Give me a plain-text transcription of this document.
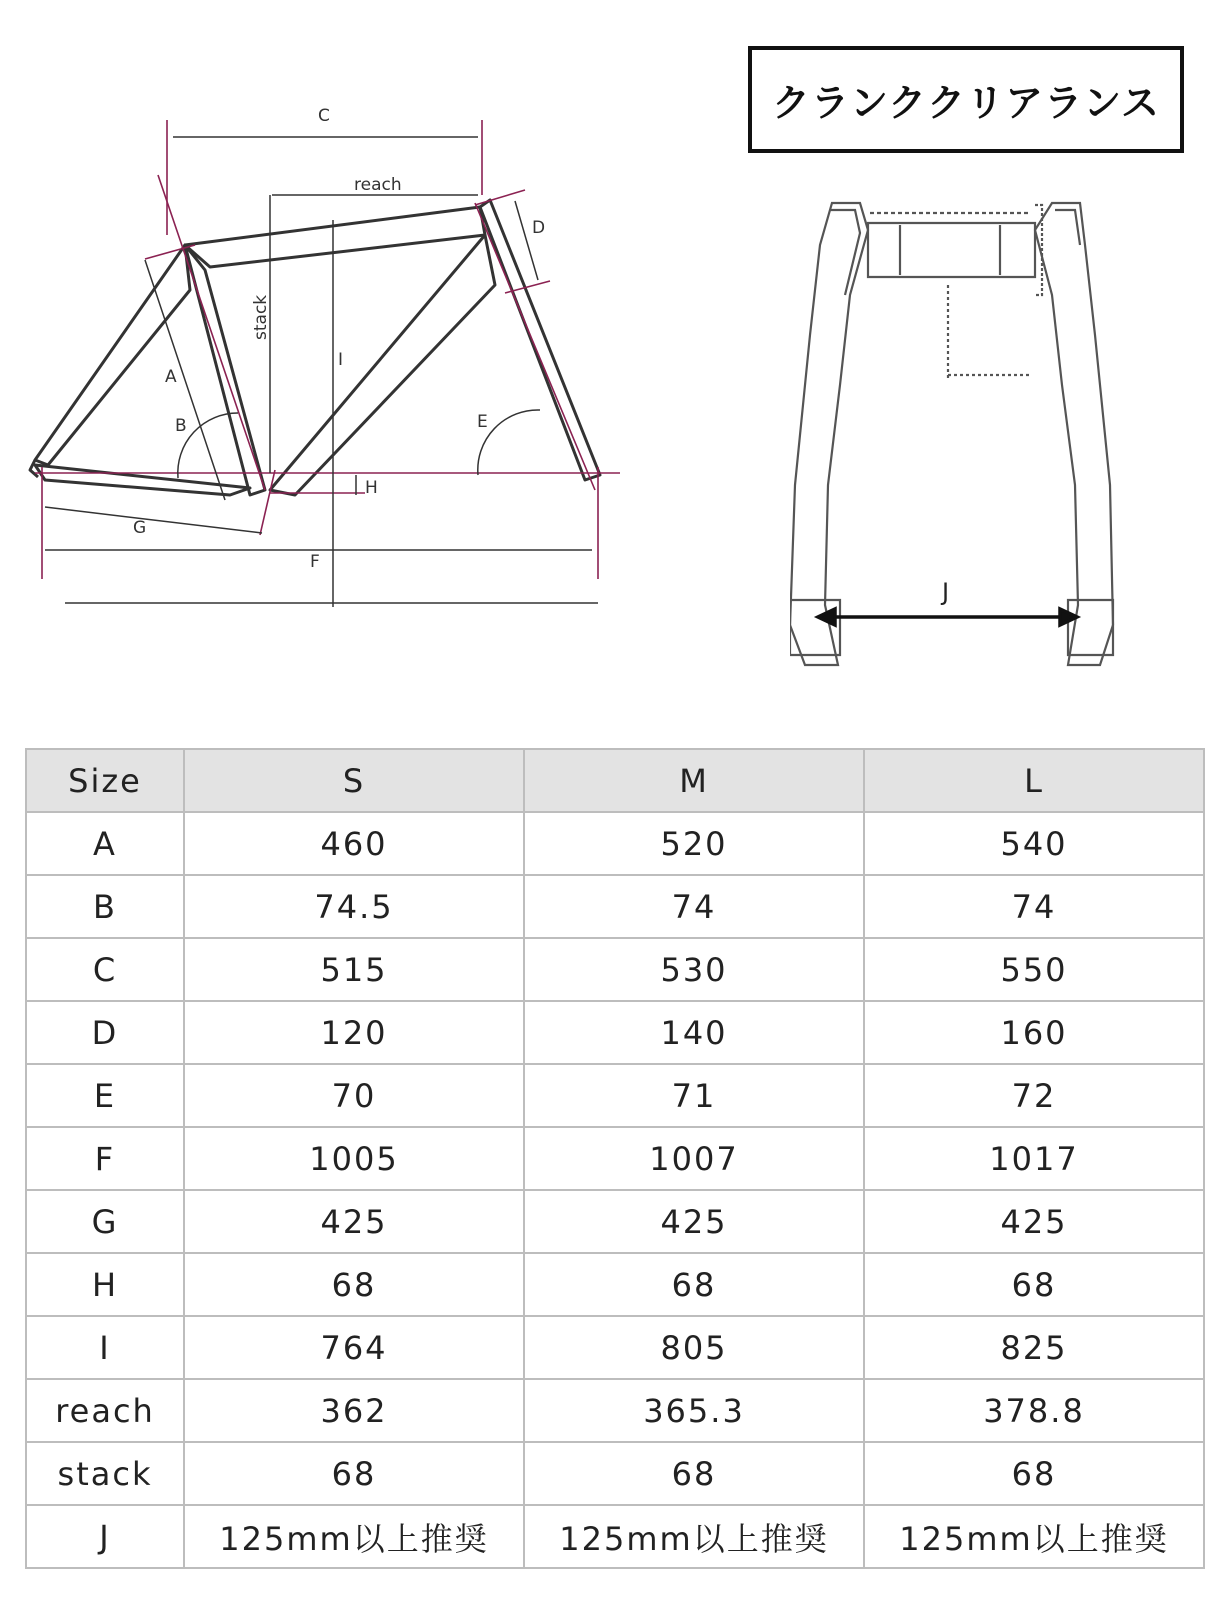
C
reach
D
stack
I
A
B	E
H
G
F
クランククリアランス
J
Size	S	M	L
A	460	520	540
B	74.5	74	74
C	515	530	550
D	120	140	160
E	70	71	72
F	1005	1007	1017
G	425	425	425
H	68	68	68
I	764	805	825
reach	362	365.3	378.8
stack	68	68	68
J	125mm以上推奨	125mm以上推奨	125mm以上推奨
